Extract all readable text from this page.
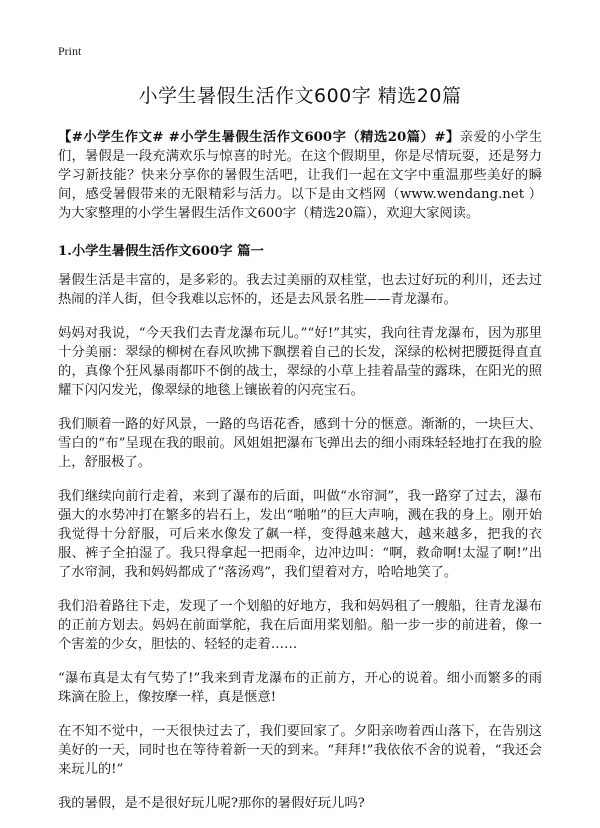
Print
小学生暑假生活作文600字 精选20篇

【#小学生作文# #小学生暑假生活作文600字（精选20篇）#】亲爱的小学生们，暑假是一段充满欢乐与惊喜的时光。在这个假期里，你是尽情玩耍，还是努力学习新技能？快来分享你的暑假生活吧，让我们一起在文字中重温那些美好的瞬间，感受暑假带来的无限精彩与活力。以下是由文档网（www.wendang.net ）为大家整理的小学生暑假生活作文600字（精选20篇），欢迎大家阅读。

1.小学生暑假生活作文600字 篇一

暑假生活是丰富的，是多彩的。我去过美丽的双桂堂，也去过好玩的利川，还去过热闹的洋人街，但令我难以忘怀的，还是去风景名胜——青龙瀑布。

妈妈对我说，“今天我们去青龙瀑布玩儿。”“好!”其实，我向往青龙瀑布，因为那里十分美丽：翠绿的柳树在春风吹拂下飘摆着自己的长发，深绿的松树把腰挺得直直的，真像个狂风暴雨都吓不倒的战士，翠绿的小草上挂着晶莹的露珠，在阳光的照耀下闪闪发光，像翠绿的地毯上镶嵌着的闪亮宝石。

我们顺着一路的好风景，一路的鸟语花香，感到十分的惬意。渐渐的，一块巨大、雪白的“布”呈现在我的眼前。风姐姐把瀑布飞弹出去的细小雨珠轻轻地打在我的脸上，舒服极了。

我们继续向前行走着，来到了瀑布的后面，叫做“水帘洞”，我一路穿了过去，瀑布强大的水势冲打在繁多的岩石上，发出“啪啪”的巨大声响，溅在我的身上。刚开始我觉得十分舒服，可后来水像发了飙一样，变得越来越大，越来越多，把我的衣服、裤子全拍湿了。我只得拿起一把雨伞，边冲边叫：“啊，救命啊!太湿了啊!”出了水帘洞，我和妈妈都成了“落汤鸡”，我们望着对方，哈哈地笑了。

我们沿着路往下走，发现了一个划船的好地方，我和妈妈租了一艘船，往青龙瀑布的正前方划去。妈妈在前面掌舵，我在后面用桨划船。船一步一步的前进着，像一个害羞的少女，胆怯的、轻轻的走着……

“瀑布真是太有气势了!”我来到青龙瀑布的正前方，开心的说着。细小而繁多的雨珠滴在脸上，像按摩一样，真是惬意!

在不知不觉中，一天很快过去了，我们要回家了。夕阳亲吻着西山落下，在告别这美好的一天，同时也在等待着新一天的到来。“拜拜!”我依依不舍的说着，“我还会来玩儿的!”

我的暑假，是不是很好玩儿呢?那你的暑假好玩儿吗?
